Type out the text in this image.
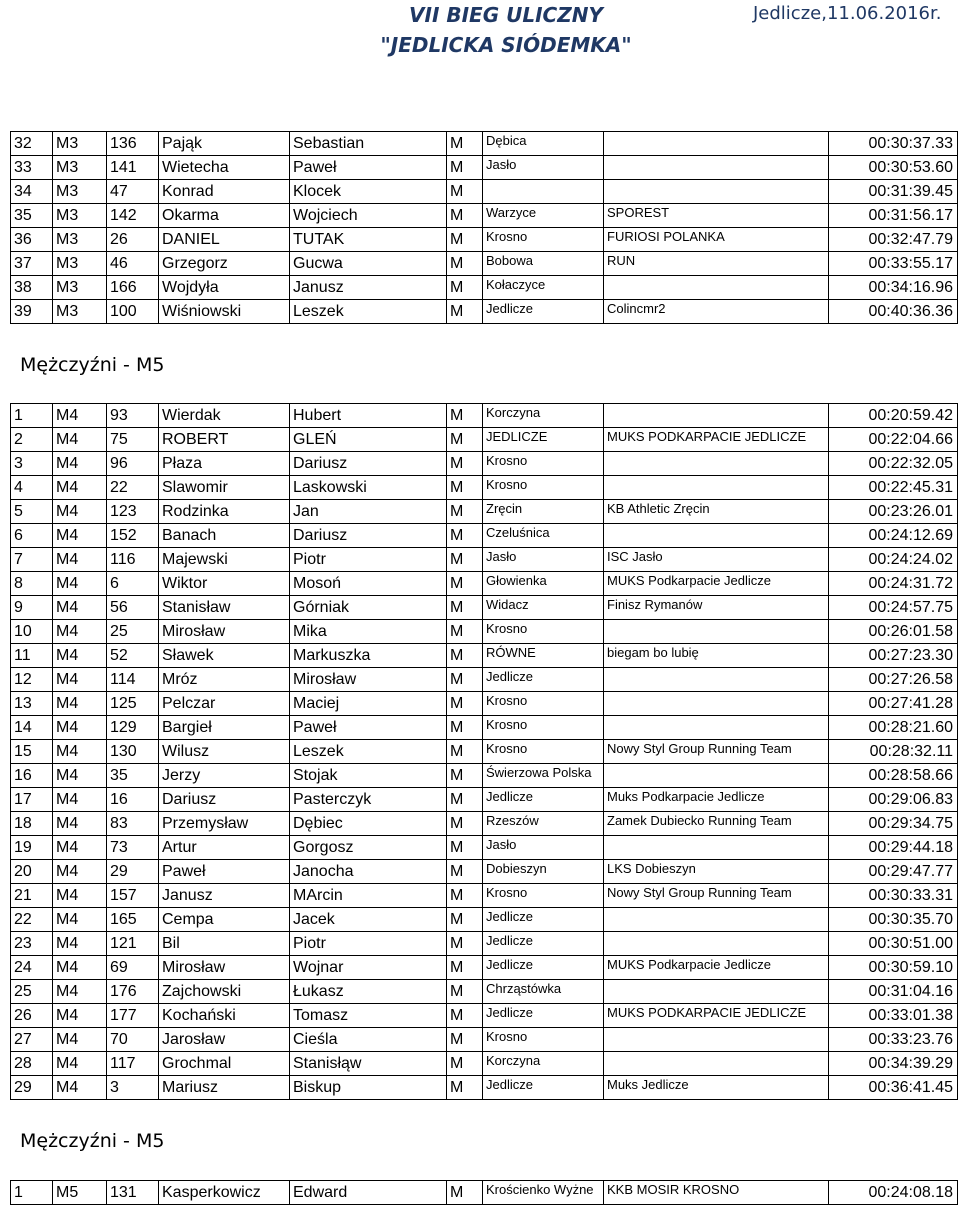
VII BIEG ULICZNY
"JEDLICKA SIÓDEMKA"
Jedlicze,11.06.2016r.
32	M3	136	Pająk	Sebastian	M	Dębica		00:30:37.33
33	M3	141	Wietecha	Paweł	M	Jasło		00:30:53.60
34	M3	47	Konrad	Klocek	M			00:31:39.45
35	M3	142	Okarma	Wojciech	M	Warzyce	SPOREST	00:31:56.17
36	M3	26	DANIEL	TUTAK	M	Krosno	FURIOSI POLANKA	00:32:47.79
37	M3	46	Grzegorz	Gucwa	M	Bobowa	RUN	00:33:55.17
38	M3	166	Wojdyła	Janusz	M	Kołaczyce		00:34:16.96
39	M3	100	Wiśniowski	Leszek	M	Jedlicze	Colincmr2	00:40:36.36
Mężczyźni - M5
1	M4	93	Wierdak	Hubert	M	Korczyna		00:20:59.42
2	M4	75	ROBERT	GLEŃ	M	JEDLICZE	MUKS PODKARPACIE JEDLICZE	00:22:04.66
3	M4	96	Płaza	Dariusz	M	Krosno		00:22:32.05
4	M4	22	Slawomir	Laskowski	M	Krosno		00:22:45.31
5	M4	123	Rodzinka	Jan	M	Zręcin	KB Athletic Zręcin	00:23:26.01
6	M4	152	Banach	Dariusz	M	Czeluśnica		00:24:12.69
7	M4	116	Majewski	Piotr	M	Jasło	ISC Jasło	00:24:24.02
8	M4	6	Wiktor	Mosoń	M	Głowienka	MUKS Podkarpacie Jedlicze	00:24:31.72
9	M4	56	Stanisław	Górniak	M	Widacz	Finisz Rymanów	00:24:57.75
10	M4	25	Mirosław	Mika	M	Krosno		00:26:01.58
11	M4	52	Sławek	Markuszka	M	RÓWNE	biegam bo lubię	00:27:23.30
12	M4	114	Mróz	Mirosław	M	Jedlicze		00:27:26.58
13	M4	125	Pelczar	Maciej	M	Krosno		00:27:41.28
14	M4	129	Bargieł	Paweł	M	Krosno		00:28:21.60
15	M4	130	Wilusz	Leszek	M	Krosno	Nowy Styl Group Running Team	00:28:32.11
16	M4	35	Jerzy	Stojak	M	Świerzowa Polska		00:28:58.66
17	M4	16	Dariusz	Pasterczyk	M	Jedlicze	Muks Podkarpacie Jedlicze	00:29:06.83
18	M4	83	Przemysław	Dębiec	M	Rzeszów	Zamek Dubiecko Running Team	00:29:34.75
19	M4	73	Artur	Gorgosz	M	Jasło		00:29:44.18
20	M4	29	Paweł	Janocha	M	Dobieszyn	LKS Dobieszyn	00:29:47.77
21	M4	157	Janusz	MArcin	M	Krosno	Nowy Styl Group Running Team	00:30:33.31
22	M4	165	Cempa	Jacek	M	Jedlicze		00:30:35.70
23	M4	121	Bil	Piotr	M	Jedlicze		00:30:51.00
24	M4	69	Mirosław	Wojnar	M	Jedlicze	MUKS Podkarpacie Jedlicze	00:30:59.10
25	M4	176	Zajchowski	Łukasz	M	Chrząstówka		00:31:04.16
26	M4	177	Kochański	Tomasz	M	Jedlicze	MUKS PODKARPACIE JEDLICZE	00:33:01.38
27	M4	70	Jarosław	Cieśla	M	Krosno		00:33:23.76
28	M4	117	Grochmal	Stanisłąw	M	Korczyna		00:34:39.29
29	M4	3	Mariusz	Biskup	M	Jedlicze	Muks Jedlicze	00:36:41.45
Mężczyźni - M5
1	M5	131	Kasperkowicz	Edward	M	Krościenko Wyżne	KKB MOSIR KROSNO	00:24:08.18
